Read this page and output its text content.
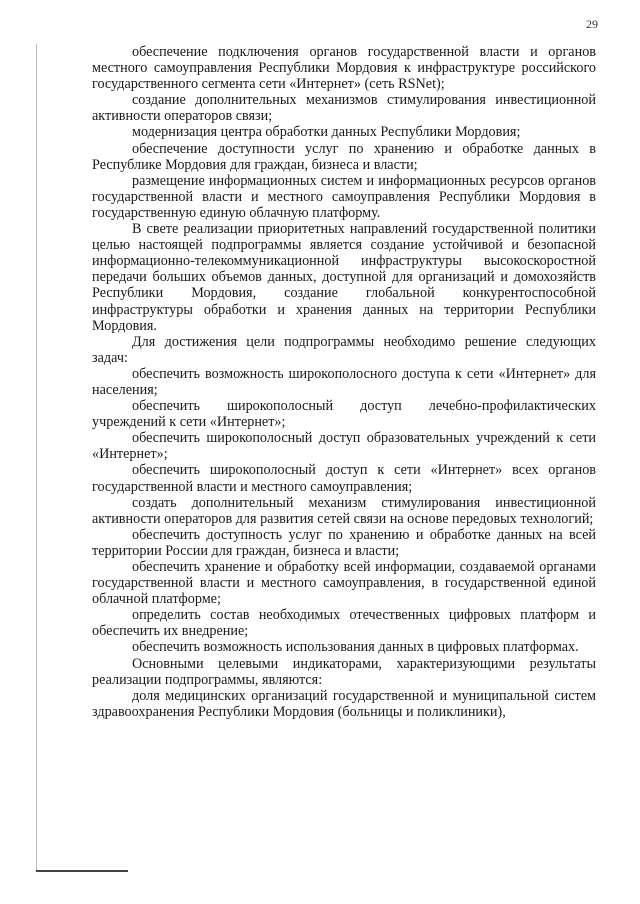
29

обеспечение подключения органов государственной власти и органов местного самоуправления Республики Мордовия к инфраструктуре российского государственного сегмента сети «Интернет» (сеть RSNet);

создание дополнительных механизмов стимулирования инвестиционной активности операторов связи;

модернизация центра обработки данных Республики Мордовия;

обеспечение доступности услуг по хранению и обработке данных в Республике Мордовия для граждан, бизнеса и власти;

размещение информационных систем и информационных ресурсов органов государственной власти и местного самоуправления Республики Мордовия в государственную единую облачную платформу.

В свете реализации приоритетных направлений государственной политики целью настоящей подпрограммы является создание устойчивой и безопасной информационно-телекоммуникационной инфраструктуры высокоскоростной передачи больших объемов данных, доступной для организаций и домохозяйств Республики Мордовия, создание глобальной конкурентоспособной инфраструктуры обработки и хранения данных на территории Республики Мордовия.

Для достижения цели подпрограммы необходимо решение следующих задач:

обеспечить возможность широкополосного доступа к сети «Интернет» для населения;

обеспечить широкополосный доступ лечебно-профилактических учреждений к сети «Интернет»;

обеспечить широкополосный доступ образовательных учреждений к сети «Интернет»;

обеспечить широкополосный доступ к сети «Интернет» всех органов государственной власти и местного самоуправления;

создать дополнительный механизм стимулирования инвестиционной активности операторов для развития сетей связи на основе передовых технологий;

обеспечить доступность услуг по хранению и обработке данных на всей территории России для граждан, бизнеса и власти;

обеспечить хранение и обработку всей информации, создаваемой органами государственной власти и местного самоуправления, в государственной единой облачной платформе;

определить состав необходимых отечественных цифровых платформ и обеспечить их внедрение;

обеспечить возможность использования данных в цифровых платформах.

Основными целевыми индикаторами, характеризующими результаты реализации подпрограммы, являются:

доля медицинских организаций государственной и муниципальной систем здравоохранения Республики Мордовия (больницы и поликлиники),
